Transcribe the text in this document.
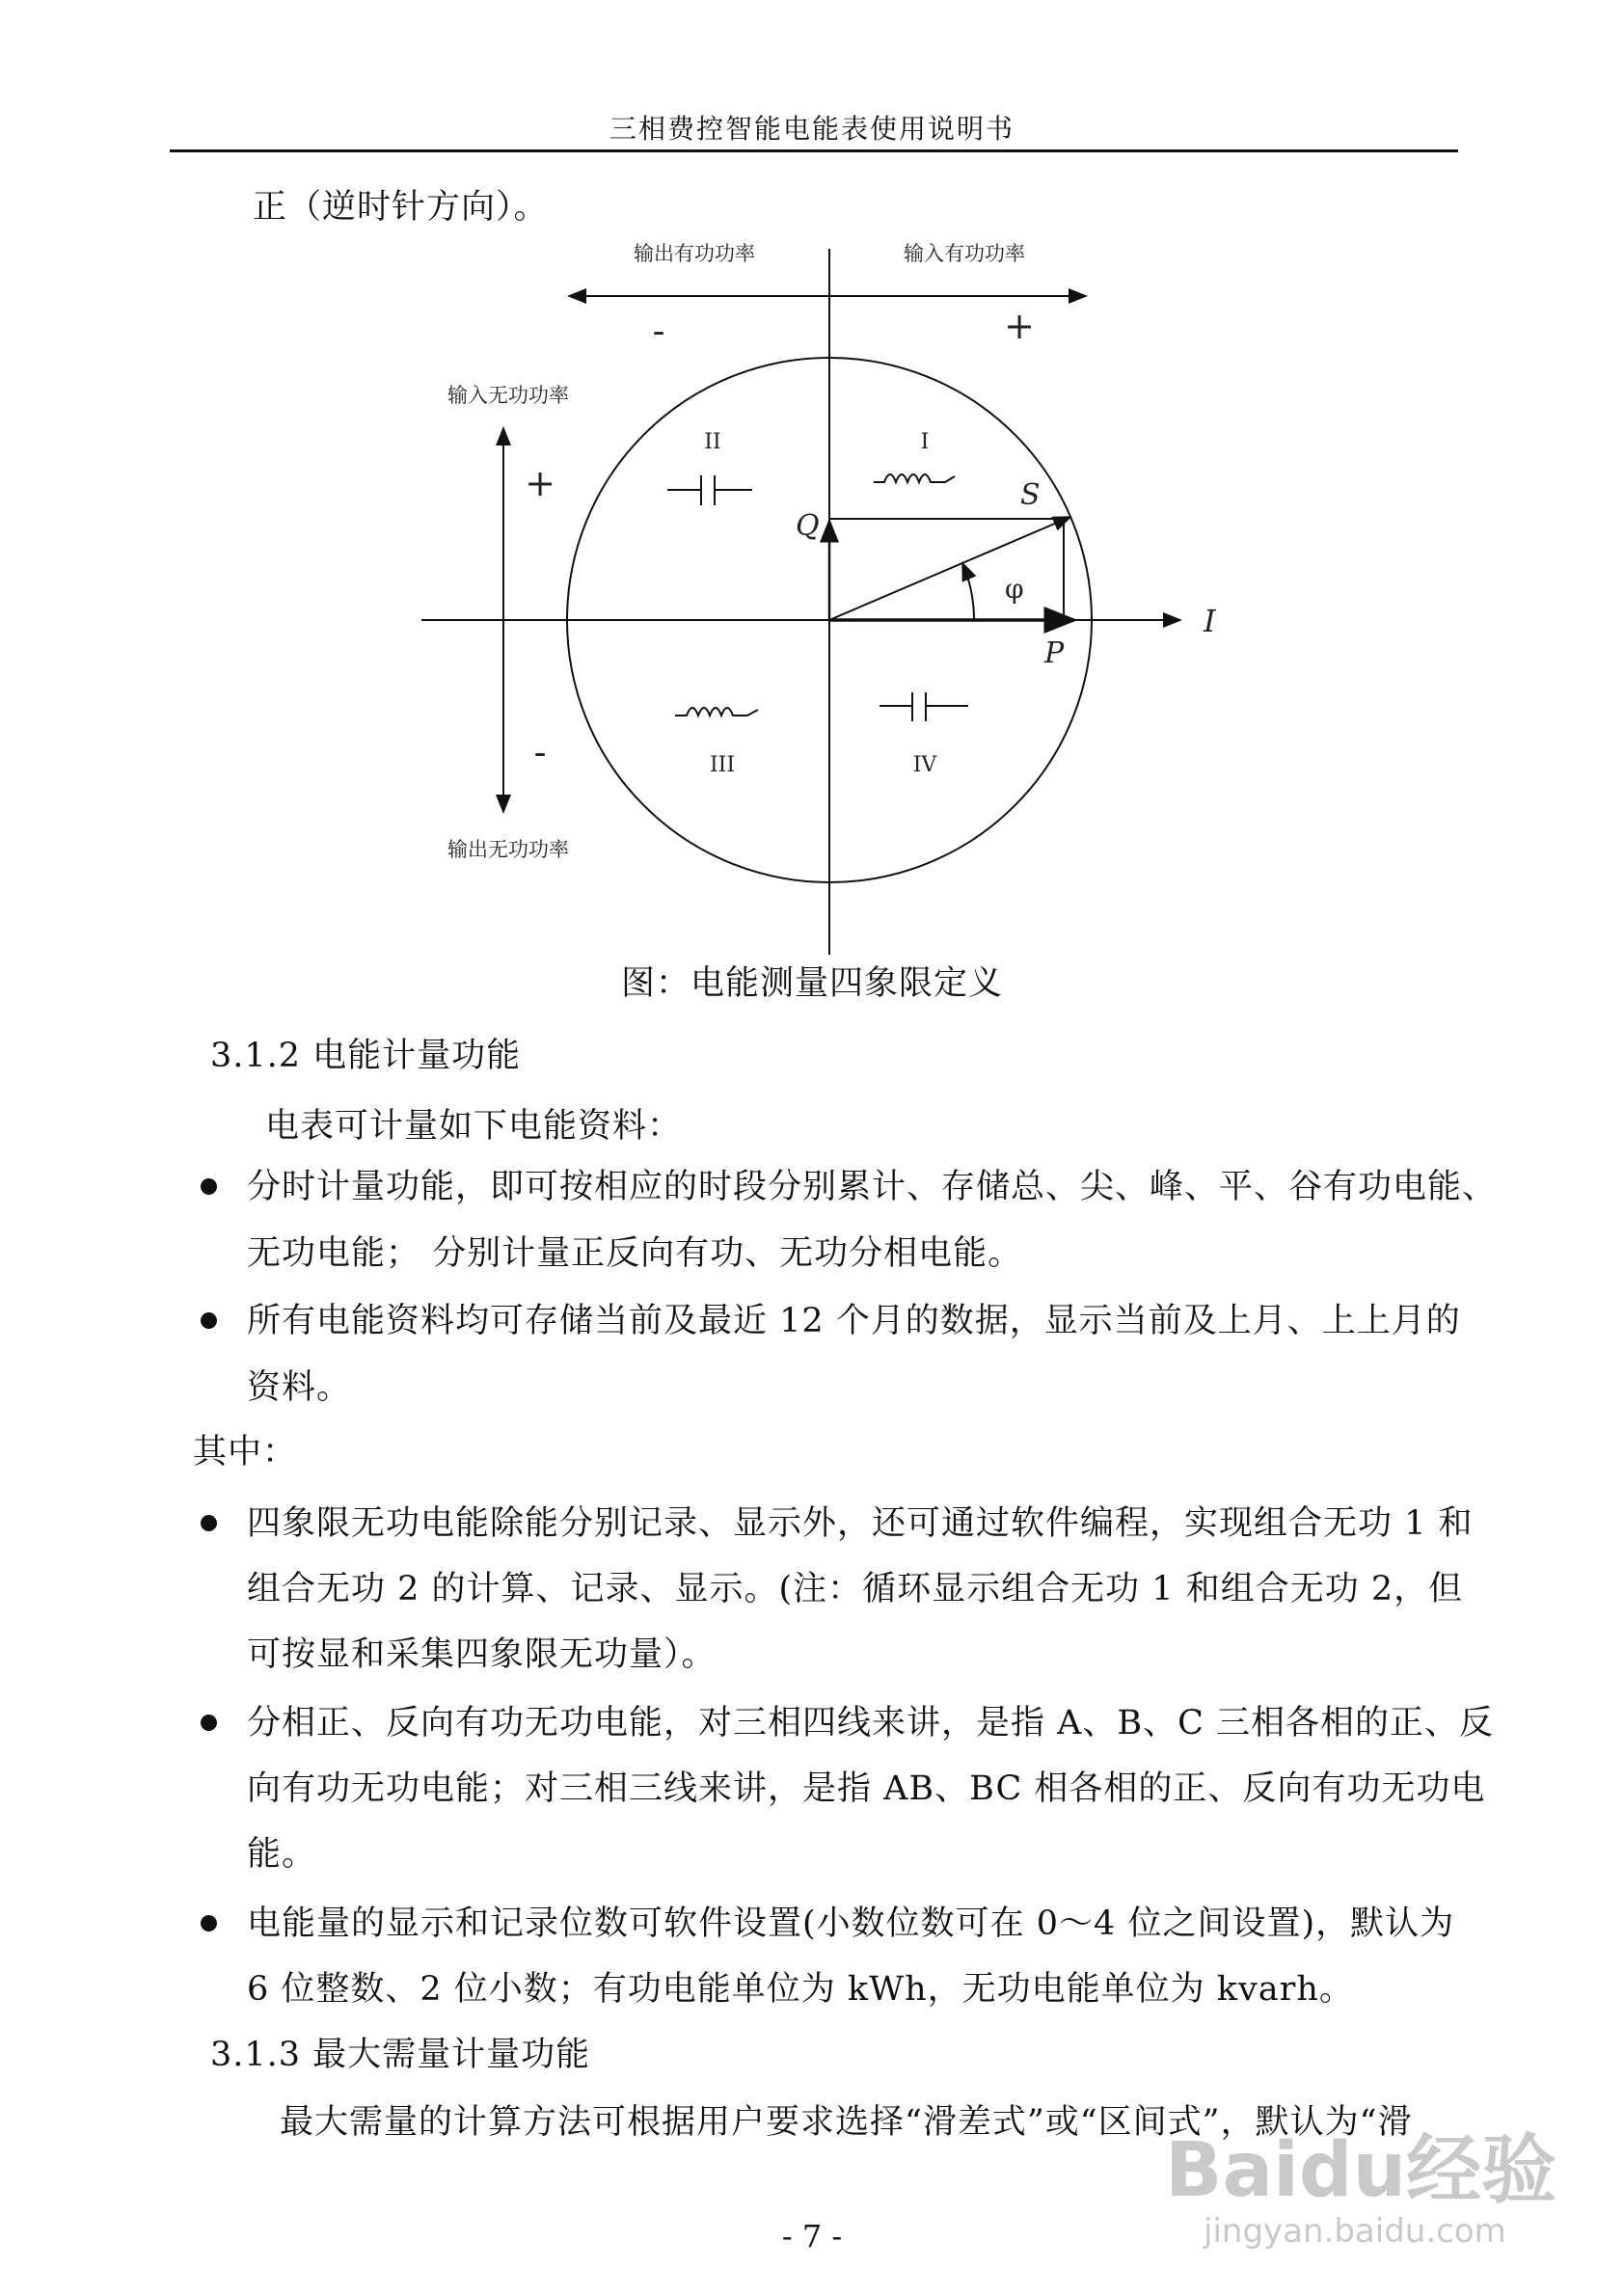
三相费控智能电能表使用说明书
正（逆时针方向）。
输出有功功率	输入有功功率
-	+
输入无功功率
输出无功功率
+
-
Q
S
P
I
φ
I
II
III	IV
图：电能测量四象限定义
3.1.2 电能计量功能
电表可计量如下电能资料：
分时计量功能，即可按相应的时段分别累计、存储总、尖、峰、平、谷有功电能、
无功电能； 分别计量正反向有功、无功分相电能。
所有电能资料均可存储当前及最近 12 个月的数据，显示当前及上月、上上月的
资料。
其中：
四象限无功电能除能分别记录、显示外，还可通过软件编程，实现组合无功 1 和
组合无功 2 的计算、记录、显示。(注：循环显示组合无功 1 和组合无功 2，但
可按显和采集四象限无功量）。
分相正、反向有功无功电能，对三相四线来讲，是指 A、B、C 三相各相的正、反
向有功无功电能；对三相三线来讲，是指 AB、BC 相各相的正、反向有功无功电
能。
电能量的显示和记录位数可软件设置(小数位数可在 0～4 位之间设置)，默认为
6 位整数、2 位小数；有功电能单位为 kWh，无功电能单位为 kvarh。
3.1.3 最大需量计量功能
最大需量的计算方法可根据用户要求选择“滑差式”或“区间式”，默认为“滑
Baidu经验
jingyan.baidu.com
- 7 -
